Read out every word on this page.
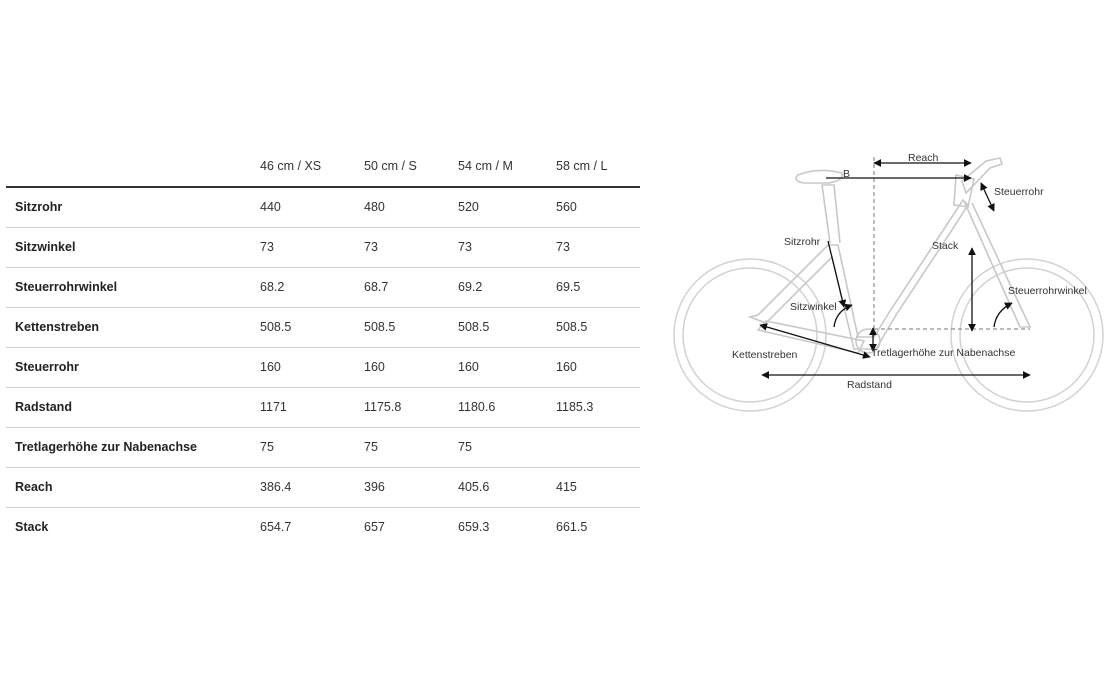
46 cm / XS	50 cm / S	54 cm / M	58 cm / L
Sitzrohr	440	480	520	560
Sitzwinkel	73	73	73	73
Steuerrohrwinkel	68.2	68.7	69.2	69.5
Kettenstreben	508.5	508.5	508.5	508.5
Steuerrohr	160	160	160	160
Radstand	1171	1175.8	1180.6	1185.3
Tretlagerhöhe zur Nabenachse	75	75	75
Reach	386.4	396	405.6	415
Stack	654.7	657	659.3	661.5
Reach
B
Steuerrohr
Sitzrohr	Stack
Sitzwinkel
Steuerrohrwinkel
Kettenstreben	Tretlagerhöhe zur Nabenachse
Radstand
